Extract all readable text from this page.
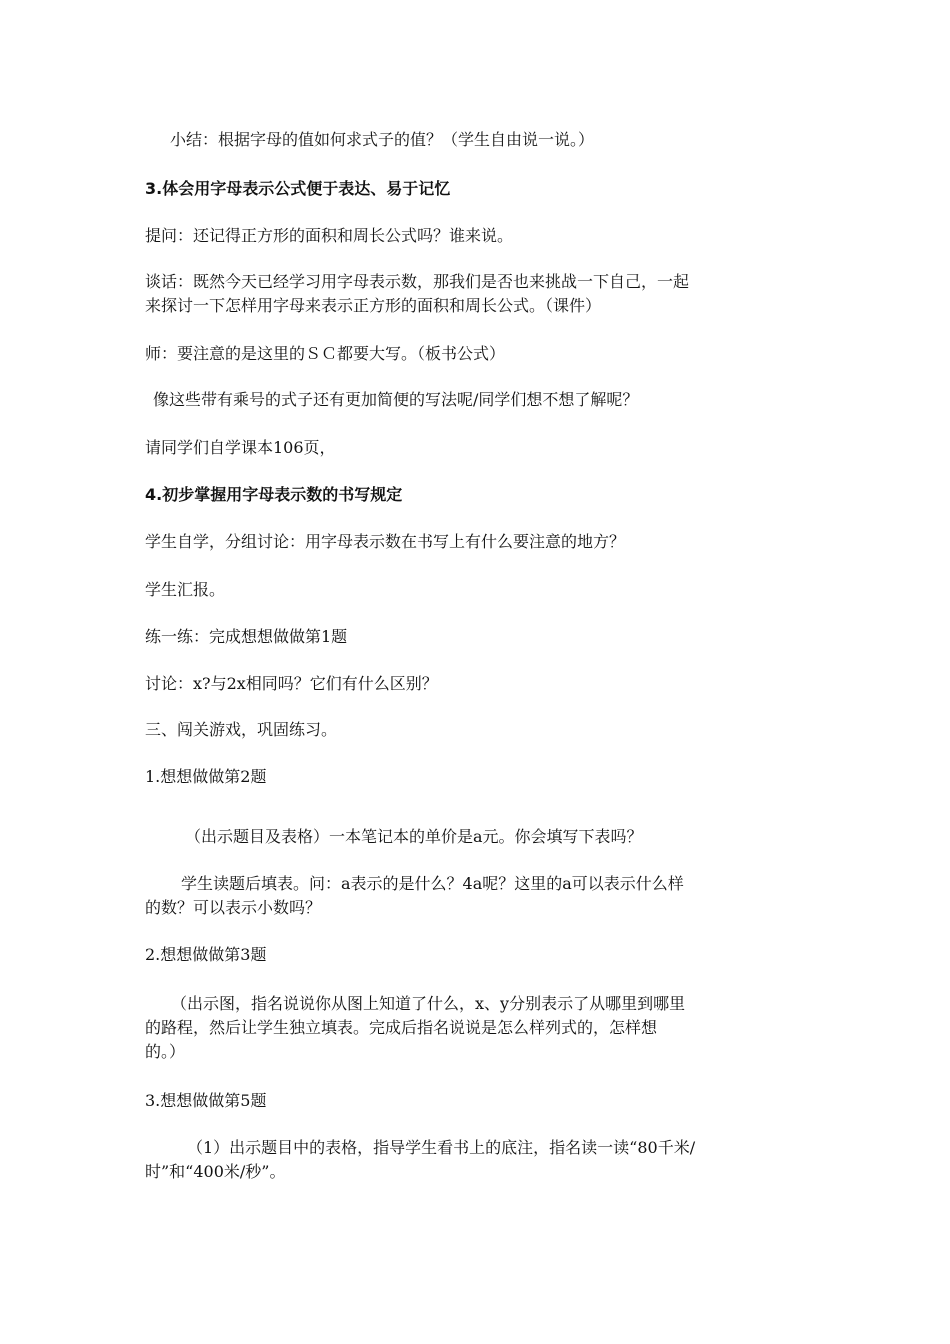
小结：根据字母的值如何求式子的值？（学生自由说一说。）
3.体会用字母表示公式便于表达、易于记忆
提问：还记得正方形的面积和周长公式吗？谁来说。
谈话：既然今天已经学习用字母表示数，那我们是否也来挑战一下自己，一起
来探讨一下怎样用字母来表示正方形的面积和周长公式。（课件）
师：要注意的是这里的ＳＣ都要大写。（板书公式）
像这些带有乘号的式子还有更加简便的写法呢/同学们想不想了解呢？
请同学们自学课本106页，
4.初步掌握用字母表示数的书写规定
学生自学，分组讨论：用字母表示数在书写上有什么要注意的地方？
学生汇报。
练一练：完成想想做做第1题
讨论：x?与2x相同吗？它们有什么区别？
三、闯关游戏，巩固练习。
1.想想做做第2题
（出示题目及表格）一本笔记本的单价是a元。你会填写下表吗？
学生读题后填表。问：a表示的是什么？4a呢？这里的a可以表示什么样
的数？可以表示小数吗？
2.想想做做第3题
（出示图，指名说说你从图上知道了什么，x、y分别表示了从哪里到哪里
的路程，然后让学生独立填表。完成后指名说说是怎么样列式的，怎样想
的。）
3.想想做做第5题
（1）出示题目中的表格，指导学生看书上的底注，指名读一读“80千米/
时”和“400米/秒”。
